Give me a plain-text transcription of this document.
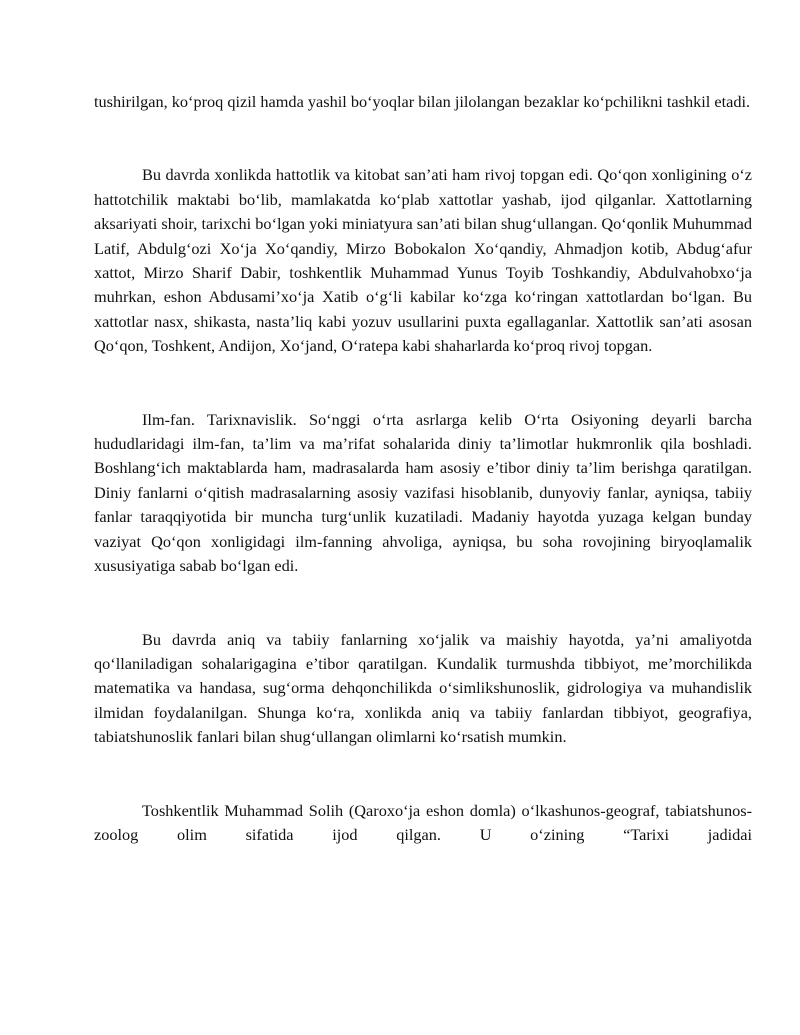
tushirilgan, koʻproq qizil hamda yashil boʻyoqlar bilan jilolangan bezaklar koʻpchilikni tashkil etadi.

Bu davrda xonlikda hattotlik va kitobat san’ati ham rivoj topgan edi. Qoʻqon xonligining oʻz hattotchilik maktabi boʻlib, mamlakatda koʻplab xattotlar yashab, ijod qilganlar. Xattotlarning aksariyati shoir, tarixchi boʻlgan yoki miniatyura san’ati bilan shugʻullangan. Qoʻqonlik Muhummad Latif, Abdulgʻozi Xoʻja Xoʻqandiy, Mirzo Bobokalon Xoʻqandiy, Ahmadjon kotib, Abdugʻafur xattot, Mirzo Sharif Dabir, toshkentlik Muhammad Yunus Toyib Toshkandiy, Abdulvahobxoʻja muhrkan, eshon Abdusami’xoʻja Xatib oʻgʻli kabilar koʻzga koʻringan xattotlardan boʻlgan. Bu xattotlar nasx, shikasta, nasta’liq kabi yozuv usullarini puxta egallaganlar. Xattotlik san’ati asosan Qoʻqon, Toshkent, Andijon, Xoʻjand, Oʻratepa kabi shaharlarda koʻproq rivoj topgan.

Ilm-fan. Tarixnavislik. Soʻnggi oʻrta asrlarga kelib Oʻrta Osiyoning deyarli barcha hududlaridagi ilm-fan, ta’lim va ma’rifat sohalarida diniy ta’limotlar hukmronlik qila boshladi. Boshlangʻich maktablarda ham, madrasalarda ham asosiy e’tibor diniy ta’lim berishga qaratilgan. Diniy fanlarni oʻqitish madrasalarning asosiy vazifasi hisoblanib, dunyoviy fanlar, ayniqsa, tabiiy fanlar taraqqiyotida bir muncha turgʻunlik kuzatiladi. Madaniy hayotda yuzaga kelgan bunday vaziyat Qoʻqon xonligidagi ilm-fanning ahvoliga, ayniqsa, bu soha rovojining biryoqlamalik xususiyatiga sabab boʻlgan edi.

Bu davrda aniq va tabiiy fanlarning xoʻjalik va maishiy hayotda, ya’ni amaliyotda qoʻllaniladigan sohalarigagina e’tibor qaratilgan. Kundalik turmushda tibbiyot, me’morchilikda matematika va handasa, sugʻorma dehqonchilikda oʻsimlikshunoslik, gidrologiya va muhandislik ilmidan foydalanilgan. Shunga koʻra, xonlikda aniq va tabiiy fanlardan tibbiyot, geografiya, tabiatshunoslik fanlari bilan shugʻullangan olimlarni koʻrsatish mumkin.

Toshkentlik Muhammad Solih (Qaroxoʻja eshon domla) oʻlkashunos-geograf, tabiatshunos-zoolog olim sifatida ijod qilgan. U oʻzining “Tarixi jadidai
